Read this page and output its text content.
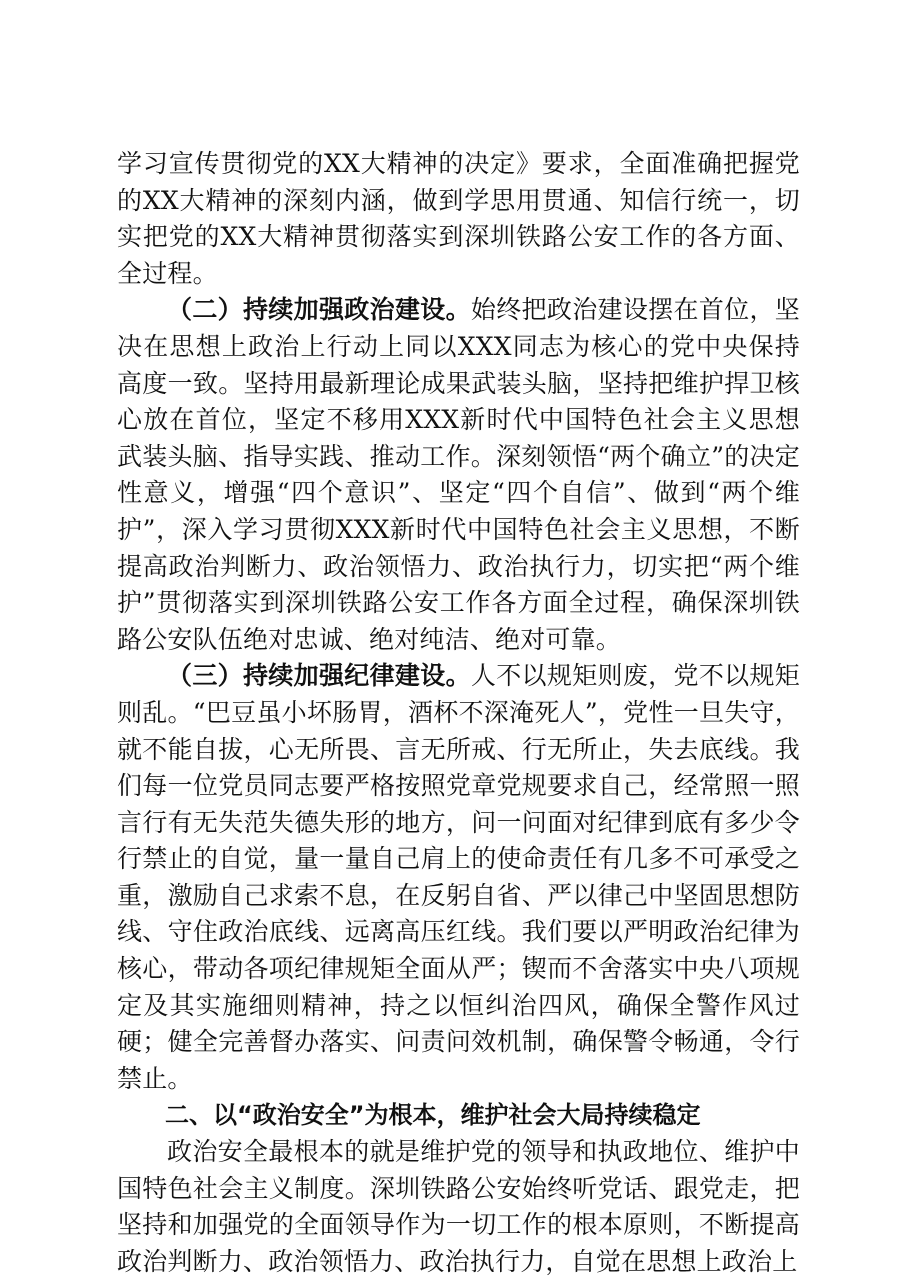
学习宣传贯彻党的XX大精神的决定》要求，全面准确把握党的XX大精神的深刻内涵，做到学思用贯通、知信行统一，切实把党的XX大精神贯彻落实到深圳铁路公安工作的各方面、全过程。

（二）持续加强政治建设。始终把政治建设摆在首位，坚决在思想上政治上行动上同以XXX同志为核心的党中央保持高度一致。坚持用最新理论成果武装头脑，坚持把维护捍卫核心放在首位，坚定不移用XXX新时代中国特色社会主义思想武装头脑、指导实践、推动工作。深刻领悟“两个确立”的决定性意义，增强“四个意识”、坚定“四个自信”、做到“两个维护”，深入学习贯彻XXX新时代中国特色社会主义思想，不断提高政治判断力、政治领悟力、政治执行力，切实把“两个维护”贯彻落实到深圳铁路公安工作各方面全过程，确保深圳铁路公安队伍绝对忠诚、绝对纯洁、绝对可靠。

（三）持续加强纪律建设。人不以规矩则废，党不以规矩则乱。“巴豆虽小坏肠胃，酒杯不深淹死人”，党性一旦失守，就不能自拔，心无所畏、言无所戒、行无所止，失去底线。我们每一位党员同志要严格按照党章党规要求自己，经常照一照言行有无失范失德失形的地方，问一问面对纪律到底有多少令行禁止的自觉，量一量自己肩上的使命责任有几多不可承受之重，激励自己求索不息，在反躬自省、严以律己中坚固思想防线、守住政治底线、远离高压红线。我们要以严明政治纪律为核心，带动各项纪律规矩全面从严；锲而不舍落实中央八项规定及其实施细则精神，持之以恒纠治四风，确保全警作风过硬；健全完善督办落实、问责问效机制，确保警令畅通，令行禁止。

二、以“政治安全”为根本，维护社会大局持续稳定

政治安全最根本的就是维护党的领导和执政地位、维护中国特色社会主义制度。深圳铁路公安始终听党话、跟党走，把坚持和加强党的全面领导作为一切工作的根本原则，不断提高政治判断力、政治领悟力、政治执行力，自觉在思想上政治上
